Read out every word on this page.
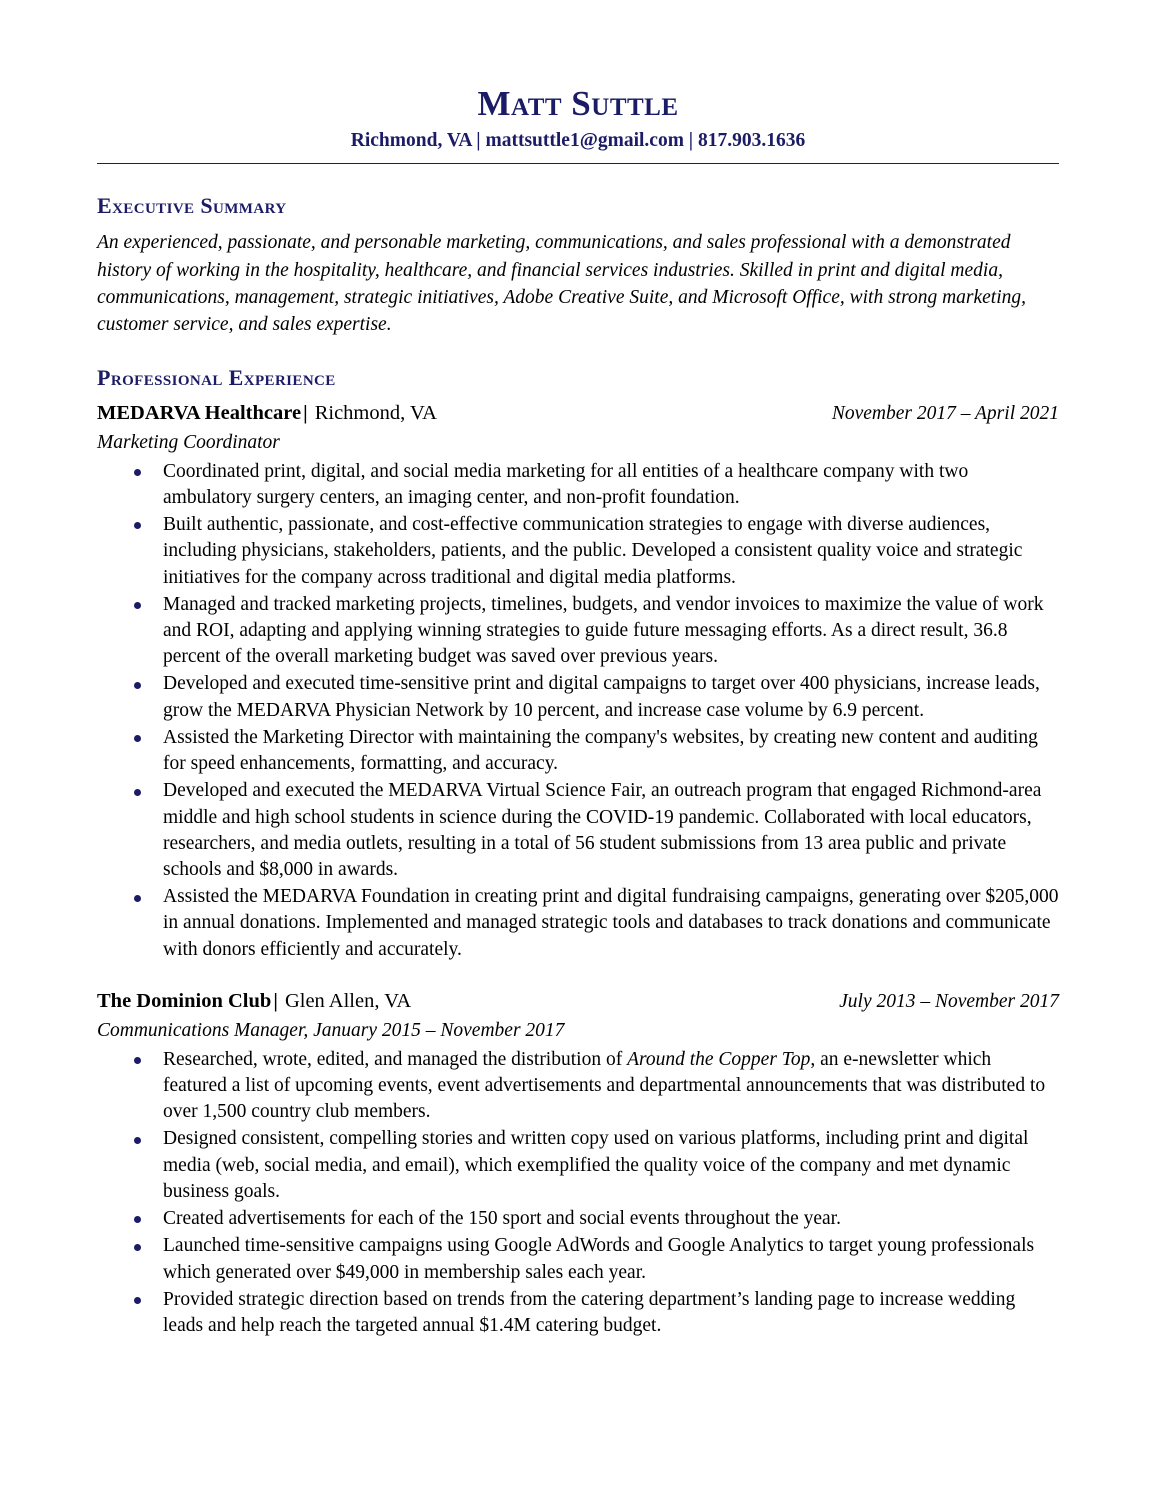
Matt Suttle
Richmond, VA | mattsuttle1@gmail.com | 817.903.1636
Executive Summary

An experienced, passionate, and personable marketing, communications, and sales professional with a demonstrated history of working in the hospitality, healthcare, and financial services industries. Skilled in print and digital media, communications, management, strategic initiatives, Adobe Creative Suite, and Microsoft Office, with strong marketing, customer service, and sales expertise.

Professional Experience
MEDARVA Healthcare| Richmond, VA	November 2017 – April 2021
Marketing Coordinator
Coordinated print, digital, and social media marketing for all entities of a healthcare company with two ambulatory surgery centers, an imaging center, and non-profit foundation.
Built authentic, passionate, and cost-effective communication strategies to engage with diverse audiences, including physicians, stakeholders, patients, and the public. Developed a consistent quality voice and strategic initiatives for the company across traditional and digital media platforms.
Managed and tracked marketing projects, timelines, budgets, and vendor invoices to maximize the value of work and ROI, adapting and applying winning strategies to guide future messaging efforts. As a direct result, 36.8 percent of the overall marketing budget was saved over previous years.
Developed and executed time-sensitive print and digital campaigns to target over 400 physicians, increase leads, grow the MEDARVA Physician Network by 10 percent, and increase case volume by 6.9 percent.
Assisted the Marketing Director with maintaining the company's websites, by creating new content and auditing for speed enhancements, formatting, and accuracy.
Developed and executed the MEDARVA Virtual Science Fair, an outreach program that engaged Richmond-area middle and high school students in science during the COVID-19 pandemic. Collaborated with local educators, researchers, and media outlets, resulting in a total of 56 student submissions from 13 area public and private schools and $8,000 in awards.
Assisted the MEDARVA Foundation in creating print and digital fundraising campaigns, generating over $205,000 in annual donations. Implemented and managed strategic tools and databases to track donations and communicate with donors efficiently and accurately.
The Dominion Club| Glen Allen, VA	July 2013 – November 2017
Communications Manager, January 2015 – November 2017
Researched, wrote, edited, and managed the distribution of Around the Copper Top, an e-newsletter which featured a list of upcoming events, event advertisements and departmental announcements that was distributed to over 1,500 country club members.
Designed consistent, compelling stories and written copy used on various platforms, including print and digital media (web, social media, and email), which exemplified the quality voice of the company and met dynamic business goals.
Created advertisements for each of the 150 sport and social events throughout the year.
Launched time-sensitive campaigns using Google AdWords and Google Analytics to target young professionals which generated over $49,000 in membership sales each year.
Provided strategic direction based on trends from the catering department’s landing page to increase wedding leads and help reach the targeted annual $1.4M catering budget.
